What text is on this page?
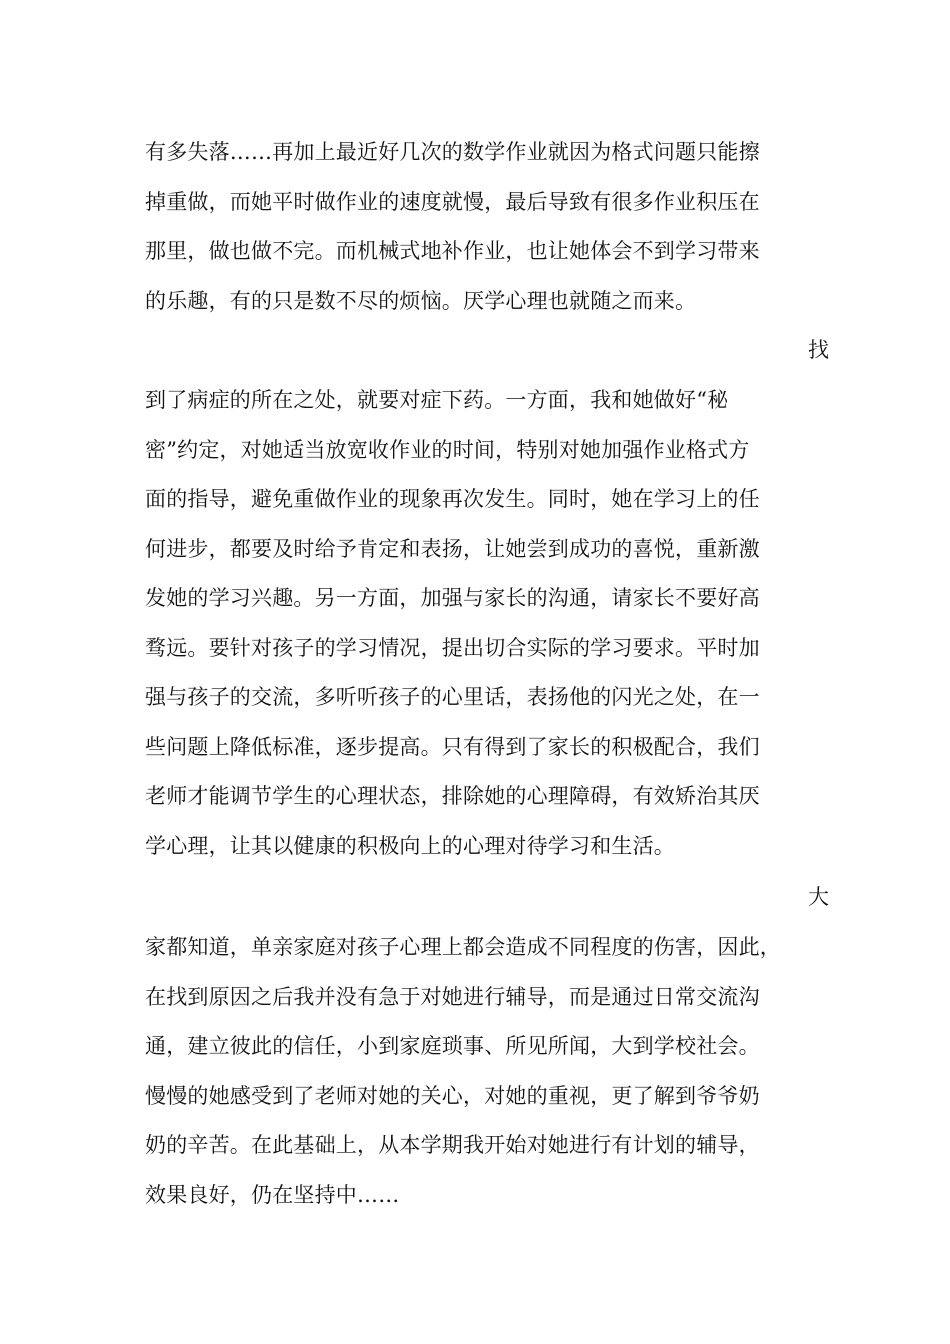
有多失落……再加上最近好几次的数学作业就因为格式问题只能擦
掉重做，而她平时做作业的速度就慢，最后导致有很多作业积压在
那里，做也做不完。而机械式地补作业，也让她体会不到学习带来
的乐趣，有的只是数不尽的烦恼。厌学心理也就随之而来。
找
到了病症的所在之处，就要对症下药。一方面，我和她做好“秘
密”约定，对她适当放宽收作业的时间，特别对她加强作业格式方
面的指导，避免重做作业的现象再次发生。同时，她在学习上的任
何进步，都要及时给予肯定和表扬，让她尝到成功的喜悦，重新激
发她的学习兴趣。另一方面，加强与家长的沟通，请家长不要好高
骛远。要针对孩子的学习情况，提出切合实际的学习要求。平时加
强与孩子的交流，多听听孩子的心里话，表扬他的闪光之处，在一
些问题上降低标准，逐步提高。只有得到了家长的积极配合，我们
老师才能调节学生的心理状态，排除她的心理障碍，有效矫治其厌
学心理，让其以健康的积极向上的心理对待学习和生活。
大
家都知道，单亲家庭对孩子心理上都会造成不同程度的伤害，因此，
在找到原因之后我并没有急于对她进行辅导，而是通过日常交流沟
通，建立彼此的信任，小到家庭琐事、所见所闻，大到学校社会。
慢慢的她感受到了老师对她的关心，对她的重视，更了解到爷爷奶
奶的辛苦。在此基础上，从本学期我开始对她进行有计划的辅导，
效果良好，仍在坚持中……
